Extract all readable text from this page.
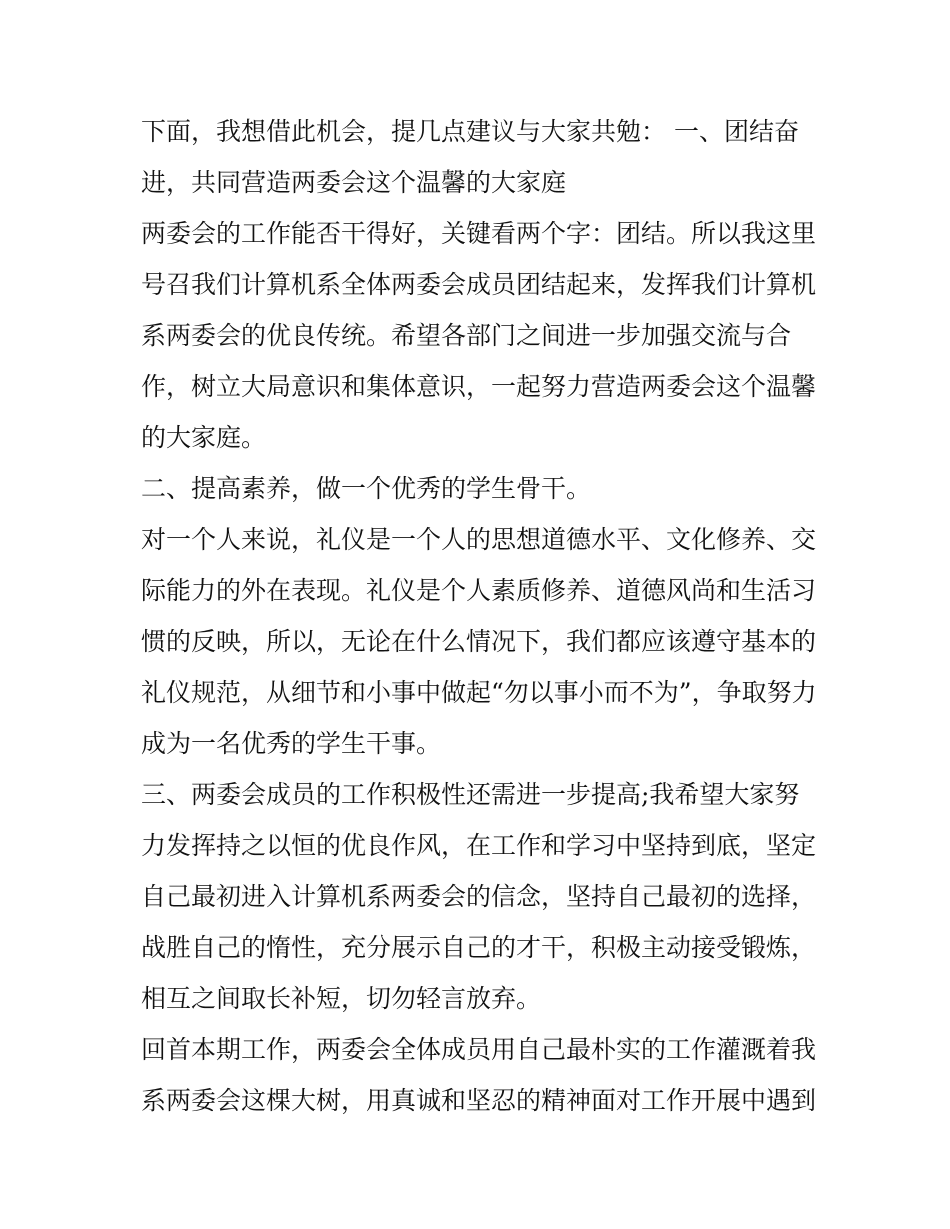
下面，我想借此机会，提几点建议与大家共勉： 一、团结奋
进，共同营造两委会这个温馨的大家庭
两委会的工作能否干得好，关键看两个字：团结。所以我这里
号召我们计算机系全体两委会成员团结起来，发挥我们计算机
系两委会的优良传统。希望各部门之间进一步加强交流与合
作，树立大局意识和集体意识，一起努力营造两委会这个温馨
的大家庭。
二、提高素养，做一个优秀的学生骨干。
对一个人来说，礼仪是一个人的思想道德水平、文化修养、交
际能力的外在表现。礼仪是个人素质修养、道德风尚和生活习
惯的反映，所以，无论在什么情况下，我们都应该遵守基本的
礼仪规范，从细节和小事中做起“勿以事小而不为”，争取努力
成为一名优秀的学生干事。
三、两委会成员的工作积极性还需进一步提高;我希望大家努
力发挥持之以恒的优良作风，在工作和学习中坚持到底，坚定
自己最初进入计算机系两委会的信念，坚持自己最初的选择，
战胜自己的惰性，充分展示自己的才干，积极主动接受锻炼，
相互之间取长补短，切勿轻言放弃。
回首本期工作，两委会全体成员用自己最朴实的工作灌溉着我
系两委会这棵大树，用真诚和坚忍的精神面对工作开展中遇到
